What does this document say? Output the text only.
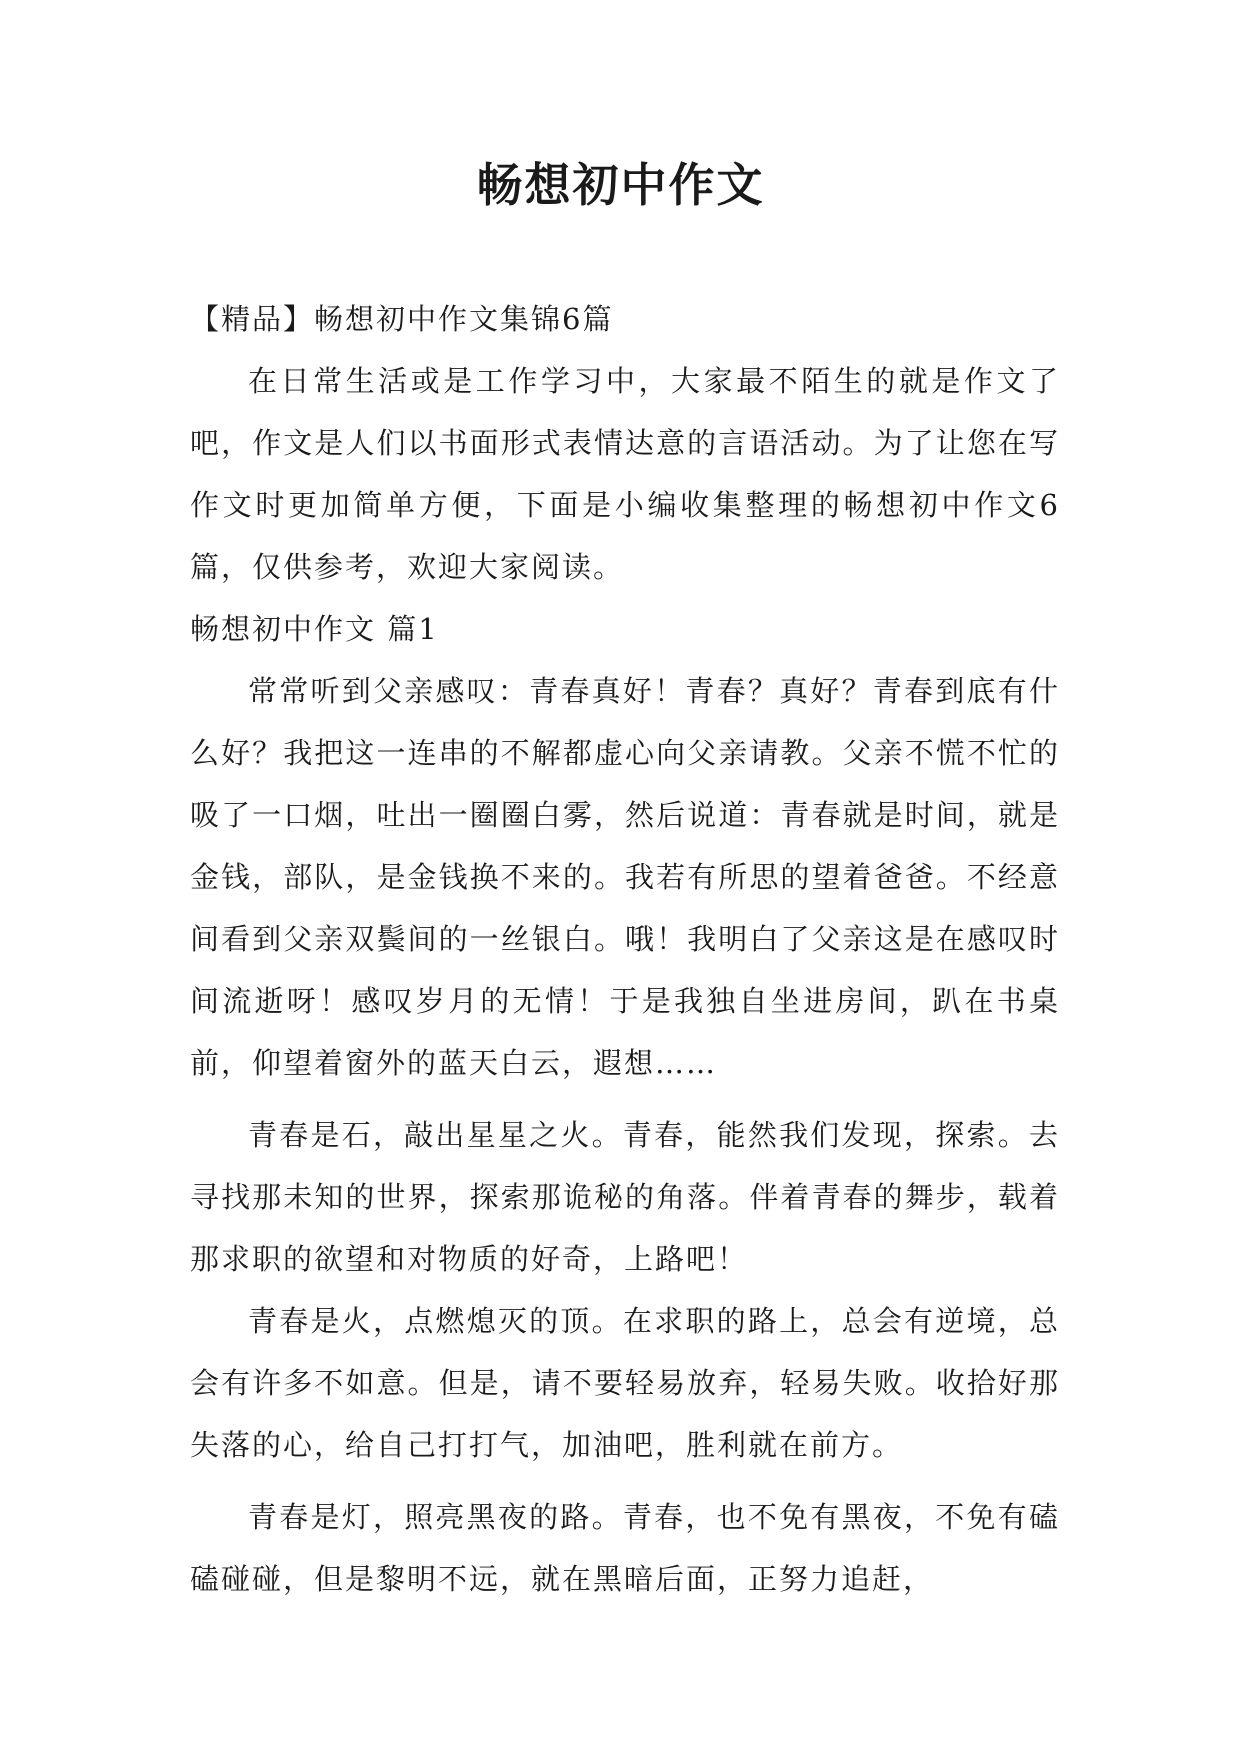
畅想初中作文

【精品】畅想初中作文集锦6篇

在日常生活或是工作学习中，大家最不陌生的就是作文了吧，作文是人们以书面形式表情达意的言语活动。为了让您在写作文时更加简单方便，下面是小编收集整理的畅想初中作文6篇，仅供参考，欢迎大家阅读。

畅想初中作文 篇1

常常听到父亲感叹：青春真好！青春？真好？青春到底有什么好？我把这一连串的不解都虚心向父亲请教。父亲不慌不忙的吸了一口烟，吐出一圈圈白雾，然后说道：青春就是时间，就是金钱，部队，是金钱换不来的。我若有所思的望着爸爸。不经意间看到父亲双鬓间的一丝银白。哦！我明白了父亲这是在感叹时间流逝呀！感叹岁月的无情！于是我独自坐进房间，趴在书桌前，仰望着窗外的蓝天白云，遐想……

青春是石，敲出星星之火。青春，能然我们发现，探索。去寻找那未知的世界，探索那诡秘的角落。伴着青春的舞步，载着那求职的欲望和对物质的好奇，上路吧！

青春是火，点燃熄灭的顶。在求职的路上，总会有逆境，总会有许多不如意。但是，请不要轻易放弃，轻易失败。收拾好那失落的心，给自己打打气，加油吧，胜利就在前方。

青春是灯，照亮黑夜的路。青春，也不免有黑夜，不免有磕磕碰碰，但是黎明不远，就在黑暗后面，正努力追赶，
